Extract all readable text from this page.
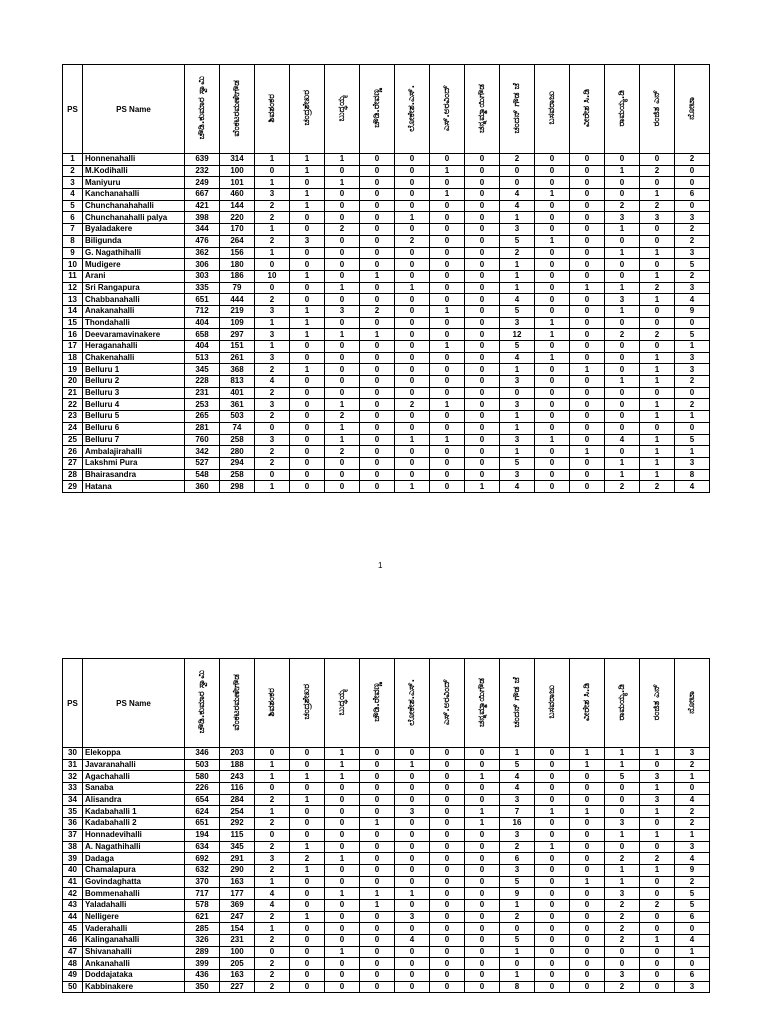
PS	PS Name	ಚೌಡಿ.ಕುಮಾರ ಸ್ವಾಮಿ	ವೆಂಕಟರಮಣೇಗೌಡ	ಶಿವಶಂಕರ	ಚಂದ್ರಶೇಖರ	ಬುದ್ಧಯ್ಯ	ಚೌಡಿ.ರೇವಣ್ಣ	ಲೋಕೇಶ.ಎಸ್.	ಎಸ್.ಅರವಿಂದ್	ಚನ್ನಮ್ಮಾಯಿಗೌಡ	ಚಂದನ್ ಗೌಡ ಜೆ	ಬಸವರಾಜು	ವೀರೇಶ ಸಿ.ಡಿ	ರಾಮಯ್ಯ.ಡಿ	ರಂಜಿತ ಎನ್	ನೋಟಾ
1	Honnenahalli	639	314	1	1	1	0	0	0	0	2	0	0	0	0	2
2	M.Kodihalli	232	100	0	1	0	0	0	1	0	0	0	0	1	2	0
3	Maniyuru	249	101	1	0	1	0	0	0	0	0	0	0	0	0	0
4	Kanchanahalli	667	460	3	1	0	0	0	1	0	4	1	0	0	1	6
5	Chunchanahahalli	421	144	2	1	0	0	0	0	0	4	0	0	2	2	0
6	Chunchanahalli palya	398	220	2	0	0	0	1	0	0	1	0	0	3	3	3
7	Byaladakere	344	170	1	0	2	0	0	0	0	3	0	0	1	0	2
8	Biligunda	476	264	2	3	0	0	2	0	0	5	1	0	0	0	2
9	G. Nagathihalli	362	156	1	0	0	0	0	0	0	2	0	0	1	1	3
10	Mudigere	306	180	0	0	0	0	0	0	0	1	0	0	0	0	5
11	Arani	303	186	10	1	0	1	0	0	0	1	0	0	0	1	2
12	Sri Rangapura	335	79	0	0	1	0	1	0	0	1	0	1	1	2	3
13	Chabbanahalli	651	444	2	0	0	0	0	0	0	4	0	0	3	1	4
14	Anakanahalli	712	219	3	1	3	2	0	1	0	5	0	0	1	0	9
15	Thondahalli	404	109	1	1	0	0	0	0	0	3	1	0	0	0	0
16	Deevaramavinakere	658	297	3	1	1	1	0	0	0	12	1	0	2	2	5
17	Heraganahalli	404	151	1	0	0	0	0	1	0	5	0	0	0	0	1
18	Chakenahalli	513	261	3	0	0	0	0	0	0	4	1	0	0	1	3
19	Belluru 1	345	368	2	1	0	0	0	0	0	1	0	1	0	1	3
20	Belluru 2	228	813	4	0	0	0	0	0	0	3	0	0	1	1	2
21	Belluru 3	231	401	2	0	0	0	0	0	0	0	0	0	0	0	0
22	Belluru 4	253	361	3	0	1	0	2	1	0	3	0	0	0	1	2
23	Belluru 5	265	503	2	0	2	0	0	0	0	1	0	0	0	1	1
24	Belluru 6	281	74	0	0	1	0	0	0	0	1	0	0	0	0	0
25	Belluru 7	760	258	3	0	1	0	1	1	0	3	1	0	4	1	5
26	Ambalajirahalli	342	280	2	0	2	0	0	0	0	1	0	1	0	1	1
27	Lakshmi Pura	527	294	2	0	0	0	0	0	0	5	0	0	1	1	3
28	Bhairasandra	548	258	0	0	0	0	0	0	0	3	0	0	1	1	8
29	Hatana	360	298	1	0	0	0	1	0	1	4	0	0	2	2	4
1
PS	PS Name	ಚೌಡಿ.ಕುಮಾರ ಸ್ವಾಮಿ	ವೆಂಕಟರಮಣೇಗೌಡ	ಶಿವಶಂಕರ	ಚಂದ್ರಶೇಖರ	ಬುದ್ಧಯ್ಯ	ಚೌಡಿ.ರೇವಣ್ಣ	ಲೋಕೇಶ.ಎಸ್.	ಎಸ್.ಅರವಿಂದ್	ಚನ್ನಮ್ಮಾಯಿಗೌಡ	ಚಂದನ್ ಗೌಡ ಜೆ	ಬಸವರಾಜು	ವೀರೇಶ ಸಿ.ಡಿ	ರಾಮಯ್ಯ.ಡಿ	ರಂಜಿತ ಎನ್	ನೋಟಾ
30	Elekoppa	346	203	0	0	1	0	0	0	0	1	0	1	1	1	3
31	Javaranahalli	503	188	1	0	1	0	1	0	0	5	0	1	1	0	2
32	Agachahalli	580	243	1	1	1	0	0	0	1	4	0	0	5	3	1
33	Sanaba	226	116	0	0	0	0	0	0	0	4	0	0	0	1	0
34	Alisandra	654	284	2	1	0	0	0	0	0	3	0	0	0	3	4
35	Kadabahalli 1	624	254	1	0	0	0	3	0	1	7	1	1	0	1	2
36	Kadabahalli 2	651	292	2	0	0	1	0	0	1	16	0	0	3	0	2
37	Honnadevihalli	194	115	0	0	0	0	0	0	0	3	0	0	1	1	1
38	A. Nagathihalli	634	345	2	1	0	0	0	0	0	2	1	0	0	0	3
39	Dadaga	692	291	3	2	1	0	0	0	0	6	0	0	2	2	4
40	Chamalapura	632	290	2	1	0	0	0	0	0	3	0	0	1	1	9
41	Govindaghatta	370	163	1	0	0	0	0	0	0	5	0	1	1	0	2
42	Bommenahalli	717	177	4	0	1	1	1	0	0	9	0	0	3	0	5
43	Yaladahalli	578	369	4	0	0	1	0	0	0	1	0	0	2	2	5
44	Nelligere	621	247	2	1	0	0	3	0	0	2	0	0	2	0	6
45	Vaderahalli	285	154	1	0	0	0	0	0	0	0	0	0	2	0	0
46	Kalinganahalli	326	231	2	0	0	0	4	0	0	5	0	0	2	1	4
47	Shivanahalli	289	100	0	0	1	0	0	0	0	1	0	0	0	0	1
48	Ankanahalli	399	205	2	0	0	0	0	0	0	0	0	0	0	0	0
49	Doddajataka	436	163	2	0	0	0	0	0	0	1	0	0	3	0	6
50	Kabbinakere	350	227	2	0	0	0	0	0	0	8	0	0	2	0	3
